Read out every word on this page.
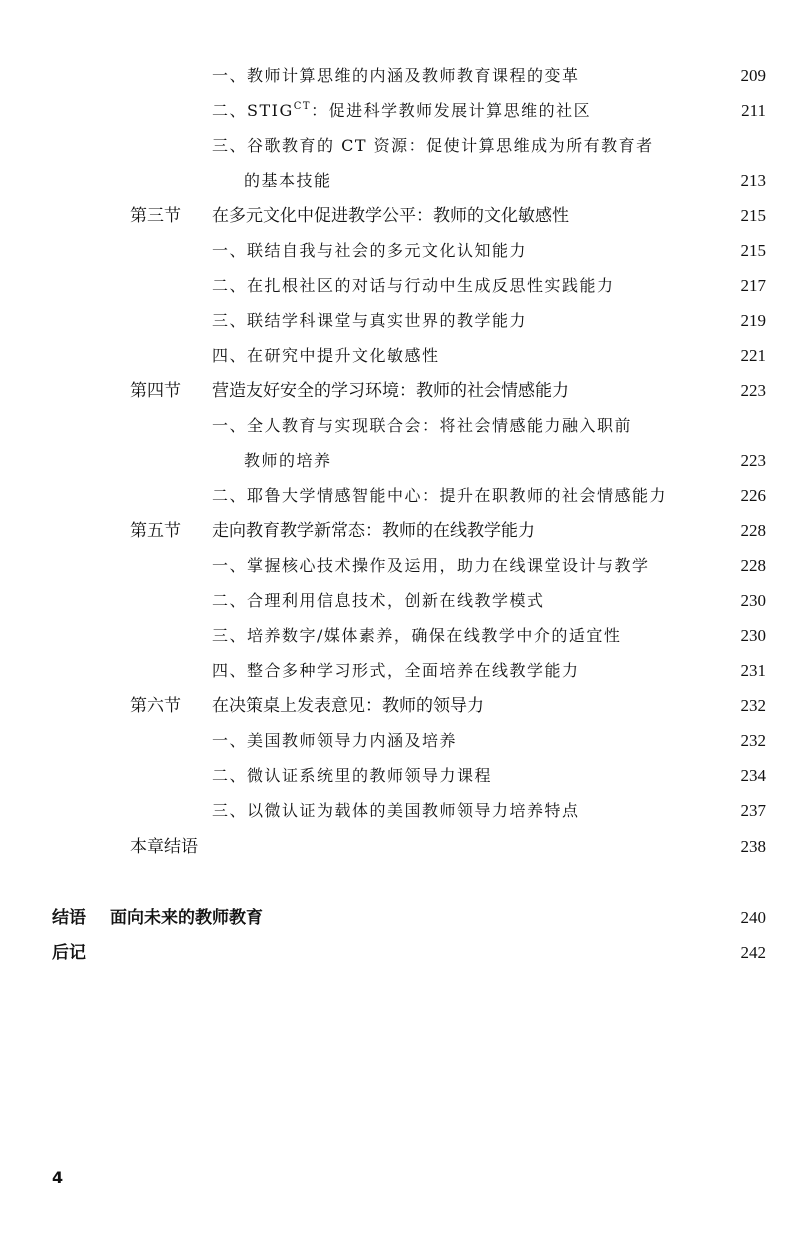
一、教师计算思维的内涵及教师教育课程的变革	209
二、$STIG^{CT}$：促进科学教师发展计算思维的社区	211
三、谷歌教育的 CT 资源：促使计算思维成为所有教育者
的基本技能	213
第三节 在多元文化中促进教学公平：教师的文化敏感性	215
一、联结自我与社会的多元文化认知能力	215
二、在扎根社区的对话与行动中生成反思性实践能力	217
三、联结学科课堂与真实世界的教学能力	219
四、在研究中提升文化敏感性	221
第四节 营造友好安全的学习环境：教师的社会情感能力	223
一、全人教育与实现联合会：将社会情感能力融入职前
教师的培养	223
二、耶鲁大学情感智能中心：提升在职教师的社会情感能力	226
第五节 走向教育教学新常态：教师的在线教学能力	228
一、掌握核心技术操作及运用，助力在线课堂设计与教学	228
二、合理利用信息技术，创新在线教学模式	230
三、培养数字/媒体素养，确保在线教学中介的适宜性	230
四、整合多种学习形式，全面培养在线教学能力	231
第六节 在决策桌上发表意见：教师的领导力	232
一、美国教师领导力内涵及培养	232
二、微认证系统里的教师领导力课程	234
三、以微认证为载体的美国教师领导力培养特点	237
本章结语	238
结语 面向未来的教师教育	240
后记	242
4
